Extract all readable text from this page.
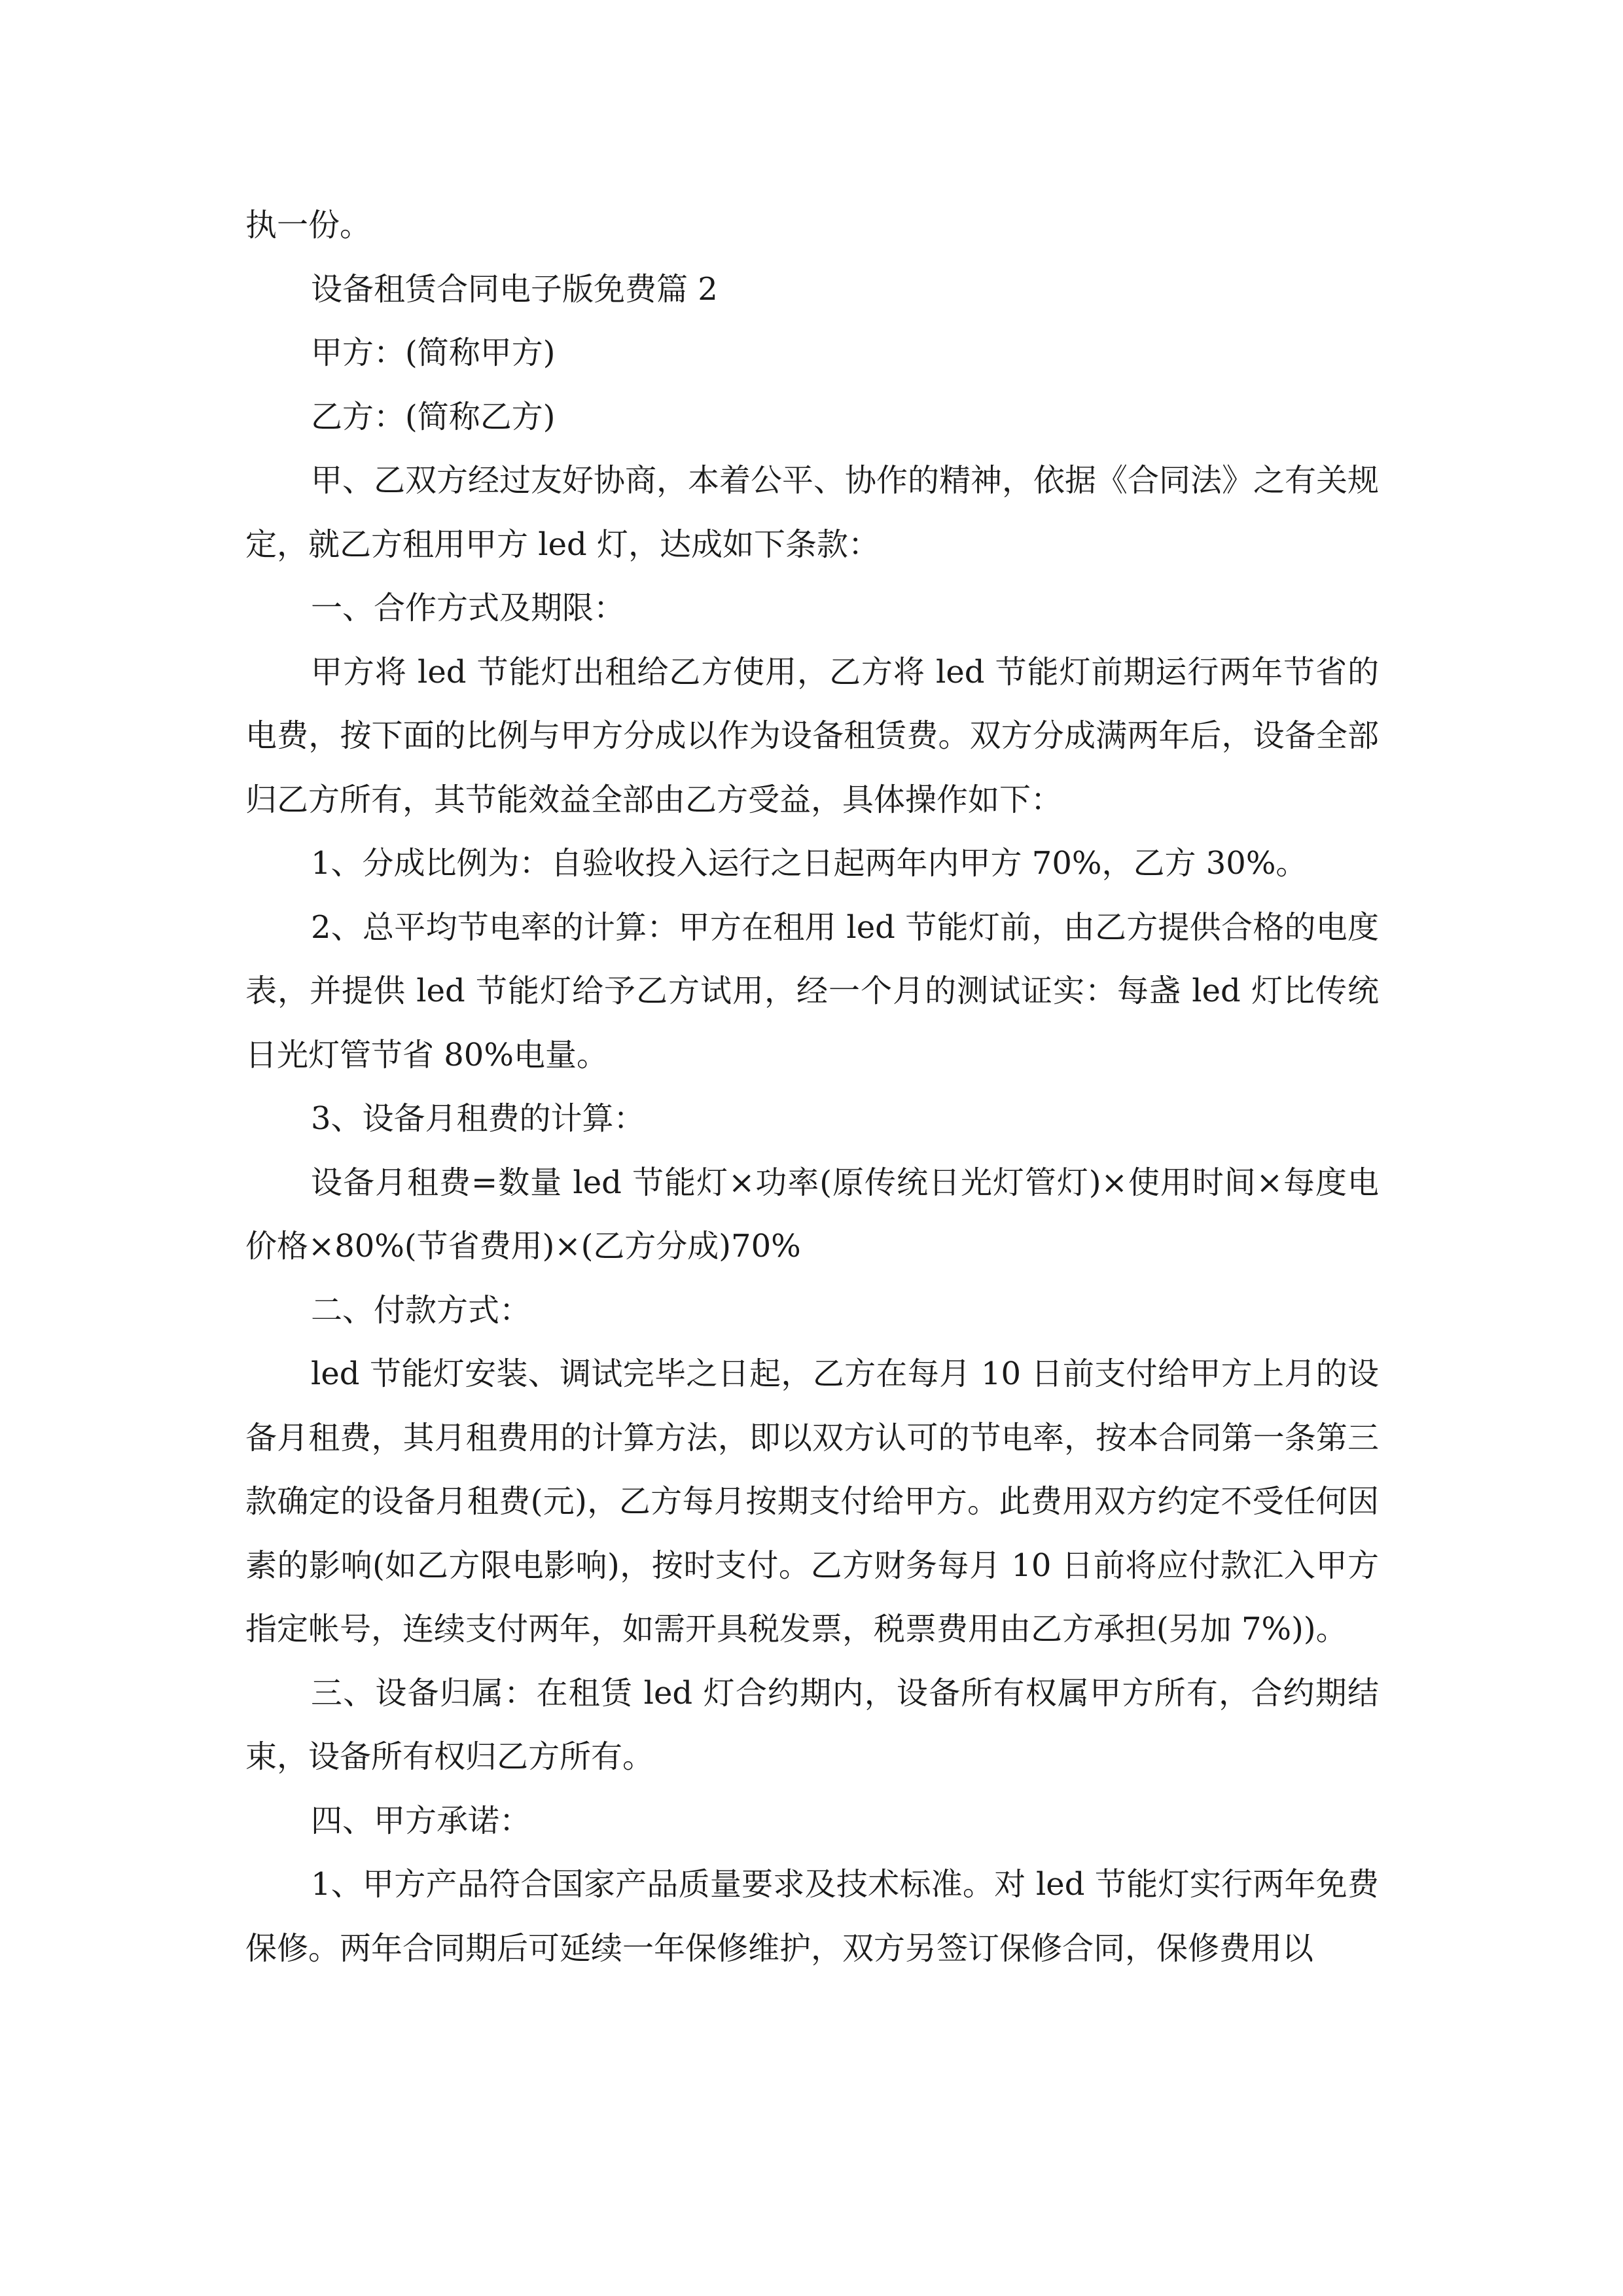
执一份。

设备租赁合同电子版免费篇 2

甲方：(简称甲方)

乙方：(简称乙方)

甲、乙双方经过友好协商，本着公平、协作的精神，依据《合同法》之有关规定，就乙方租用甲方 led 灯，达成如下条款：

一、合作方式及期限：

甲方将 led 节能灯出租给乙方使用，乙方将 led 节能灯前期运行两年节省的电费，按下面的比例与甲方分成以作为设备租赁费。双方分成满两年后，设备全部归乙方所有，其节能效益全部由乙方受益，具体操作如下：

1、分成比例为：自验收投入运行之日起两年内甲方 70%，乙方 30%。

2、总平均节电率的计算：甲方在租用 led 节能灯前，由乙方提供合格的电度表，并提供 led 节能灯给予乙方试用，经一个月的测试证实：每盏 led 灯比传统日光灯管节省 80%电量。

3、设备月租费的计算：

设备月租费=数量 led 节能灯×功率(原传统日光灯管灯)×使用时间×每度电价格×80%(节省费用)×(乙方分成)70%

二、付款方式：

led 节能灯安装、调试完毕之日起，乙方在每月 10 日前支付给甲方上月的设备月租费，其月租费用的计算方法，即以双方认可的节电率，按本合同第一条第三款确定的设备月租费(元)，乙方每月按期支付给甲方。此费用双方约定不受任何因素的影响(如乙方限电影响)，按时支付。乙方财务每月 10 日前将应付款汇入甲方指定帐号，连续支付两年，如需开具税发票，税票费用由乙方承担(另加 7%))。

三、设备归属：在租赁 led 灯合约期内，设备所有权属甲方所有，合约期结束，设备所有权归乙方所有。

四、甲方承诺：

1、甲方产品符合国家产品质量要求及技术标准。对 led 节能灯实行两年免费保修。两年合同期后可延续一年保修维护，双方另签订保修合同，保修费用以
